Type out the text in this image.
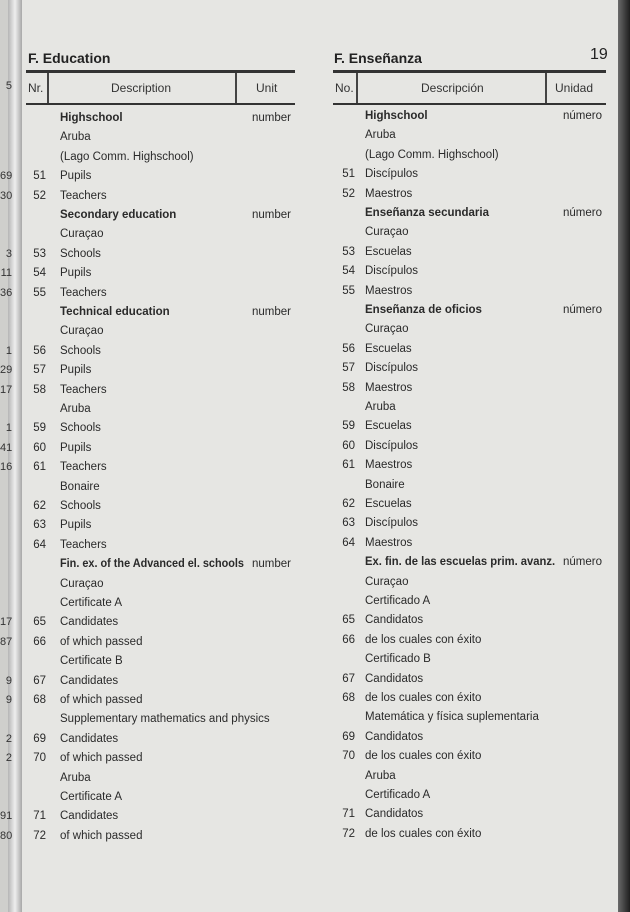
5
F. Education	F. Enseñanza	19
Nr.	Description	Unit	No.	Descripción	Unidad
Highschool	number	Highschool	número
Aruba	Aruba
(Lago Comm. Highschool)	(Lago Comm. Highschool)
69	51 Pupils	51 Discípulos
30	52 Teachers	52 Maestros
Secondary education	number	Enseñanza secundaria	número
Curaçao	Curaçao
3	53 Schools	53 Escuelas
11	54 Pupils	54 Discípulos
36	55 Teachers	55 Maestros
Technical education	number	Enseñanza de oficios	número
Curaçao	Curaçao
1	56 Schools	56 Escuelas
29	57 Pupils	57 Discípulos
17	58 Teachers	58 Maestros
Aruba	Aruba
1	59 Schools	59 Escuelas
41	60 Pupils	60 Discípulos
16	61 Teachers	61 Maestros
Bonaire	Bonaire
62 Schools	62 Escuelas
63 Pupils	63 Discípulos
64 Teachers	64 Maestros
Fin. ex. of the Advanced el. schools number	Ex. fin. de las escuelas prim. avanz. número
Curaçao	Curaçao
Certificate A	Certificado A
17	65 Candidates	65 Candidatos
87	66 of which passed	66 de los cuales con éxito
Certificate B	Certificado B
9	67 Candidates	67 Candidatos
9	68 of which passed	68 de los cuales con éxito
Supplementary mathematics and physics	Matemática y física suplementaria
2	69 Candidates	69 Candidatos
2	70 of which passed	70 de los cuales con éxito
Aruba	Aruba
Certificate A	Certificado A
91	71 Candidates	71 Candidatos
80	72 of which passed	72 de los cuales con éxito
